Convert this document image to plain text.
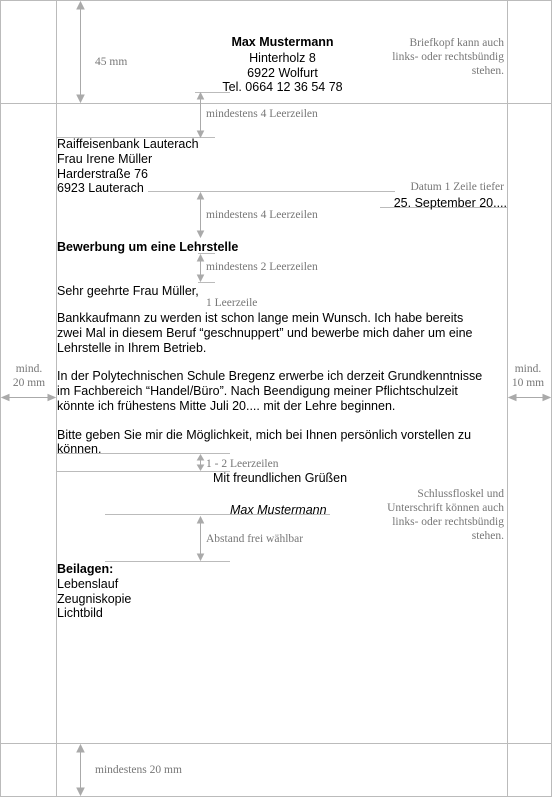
45 mm
Briefkopf kann auch
links- oder rechtsbündig
stehen.
mindestens 4 Leerzeilen
Datum 1 Zeile tiefer
mindestens 4 Leerzeilen
mindestens 2 Leerzeilen
1 Leerzeile
mind.
20 mm
mind.
10 mm
1 - 2 Leerzeilen
Schlussfloskel und
Unterschrift können auch
links- oder rechtsbündig
stehen.
Abstand frei wählbar
mindestens 20 mm
Max Mustermann
Hinterholz 8
6922 Wolfurt
Tel. 0664 12 36 54 78
Raiffeisenbank Lauterach
Frau Irene Müller
Harderstraße 76
6923 Lauterach
25. September 20....
Bewerbung um eine Lehrstelle
Sehr geehrte Frau Müller,
Bankkaufmann zu werden ist schon lange mein Wunsch. Ich habe bereits
zwei Mal in diesem Beruf “geschnuppert” und bewerbe mich daher um eine
Lehrstelle in Ihrem Betrieb.
In der Polytechnischen Schule Bregenz erwerbe ich derzeit Grundkenntnisse
im Fachbereich “Handel/Büro”. Nach Beendigung meiner Pflichtschulzeit
könnte ich frühestens Mitte Juli 20.... mit der Lehre beginnen.
Bitte geben Sie mir die Möglichkeit, mich bei Ihnen persönlich vorstellen zu
können.
Mit freundlichen Grüßen
Max Mustermann
Beilagen:
Lebenslauf
Zeugniskopie
Lichtbild
